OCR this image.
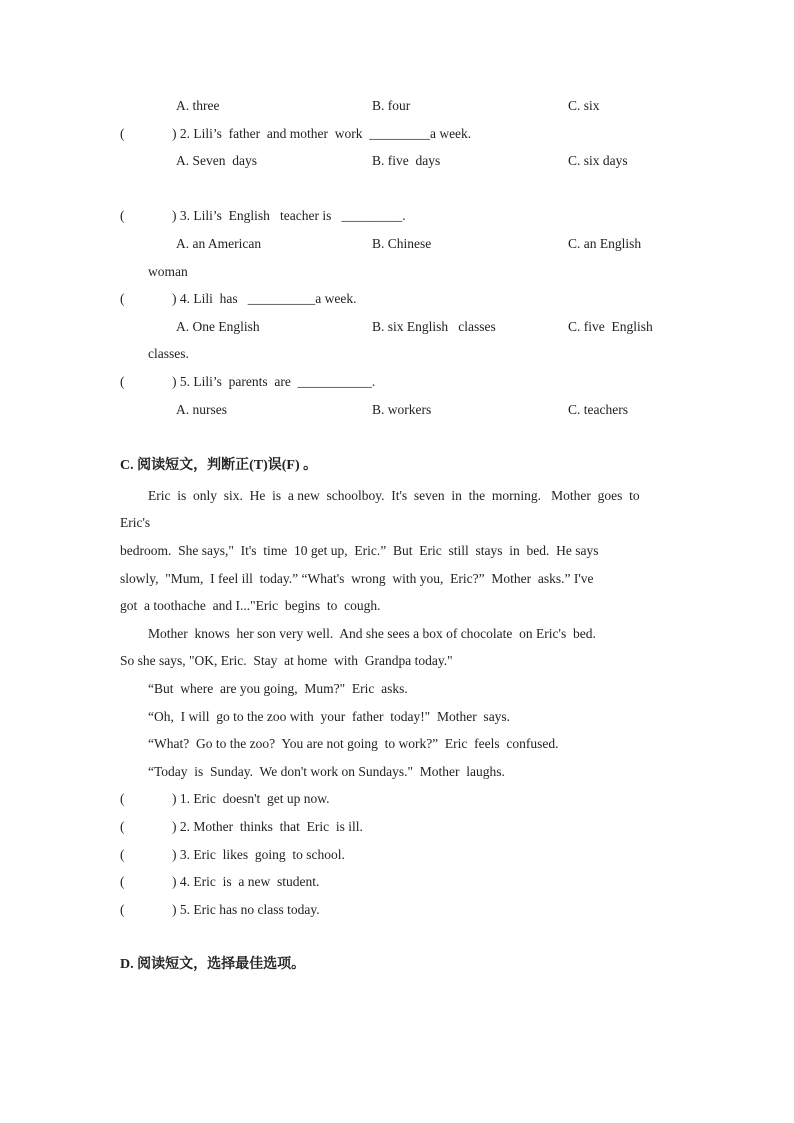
A. three	B. four	C. six
(	) 2. Lili’s  father  and mother  work  _________a week.
A. Seven  days	B. five  days	C. six days
(	) 3. Lili’s  English   teacher is   _________.
A. an American	B. Chinese	C. an English
woman
(	) 4. Lili  has   __________a week.
A. One English	B. six English   classes	C. five  English
classes.
(	) 5. Lili’s  parents  are  ___________.
A. nurses	B. workers	C. teachers
C. 阅读短文，判断正(T)误(F) 。
Eric  is  only  six.  He  is  a new  schoolboy.  It's  seven  in  the  morning.   Mother  goes  to
Eric's
bedroom.  She says,"  It's  time  10 get up,  Eric.”  But  Eric  still  stays  in  bed.  He says
slowly,  "Mum,  I feel ill  today.” “What's  wrong  with you,  Eric?”  Mother  asks.” I've
got  a toothache  and I..."Eric  begins  to  cough.
Mother  knows  her son very well.  And she sees a box of chocolate  on Eric's  bed.
So she says, "OK, Eric.  Stay  at home  with  Grandpa today."
“But  where  are you going,  Mum?"  Eric  asks.
“Oh,  I will  go to the zoo with  your  father  today!"  Mother  says.
“What?  Go to the zoo?  You are not going  to work?”  Eric  feels  confused.
“Today  is  Sunday.  We don't work on Sundays."  Mother  laughs.
(	) 1. Eric  doesn't  get up now.
(	) 2. Mother  thinks  that  Eric  is ill.
(	) 3. Eric  likes  going  to school.
(	) 4. Eric  is  a new  student.
(	) 5. Eric has no class today.
D. 阅读短文，选择最佳选项。
